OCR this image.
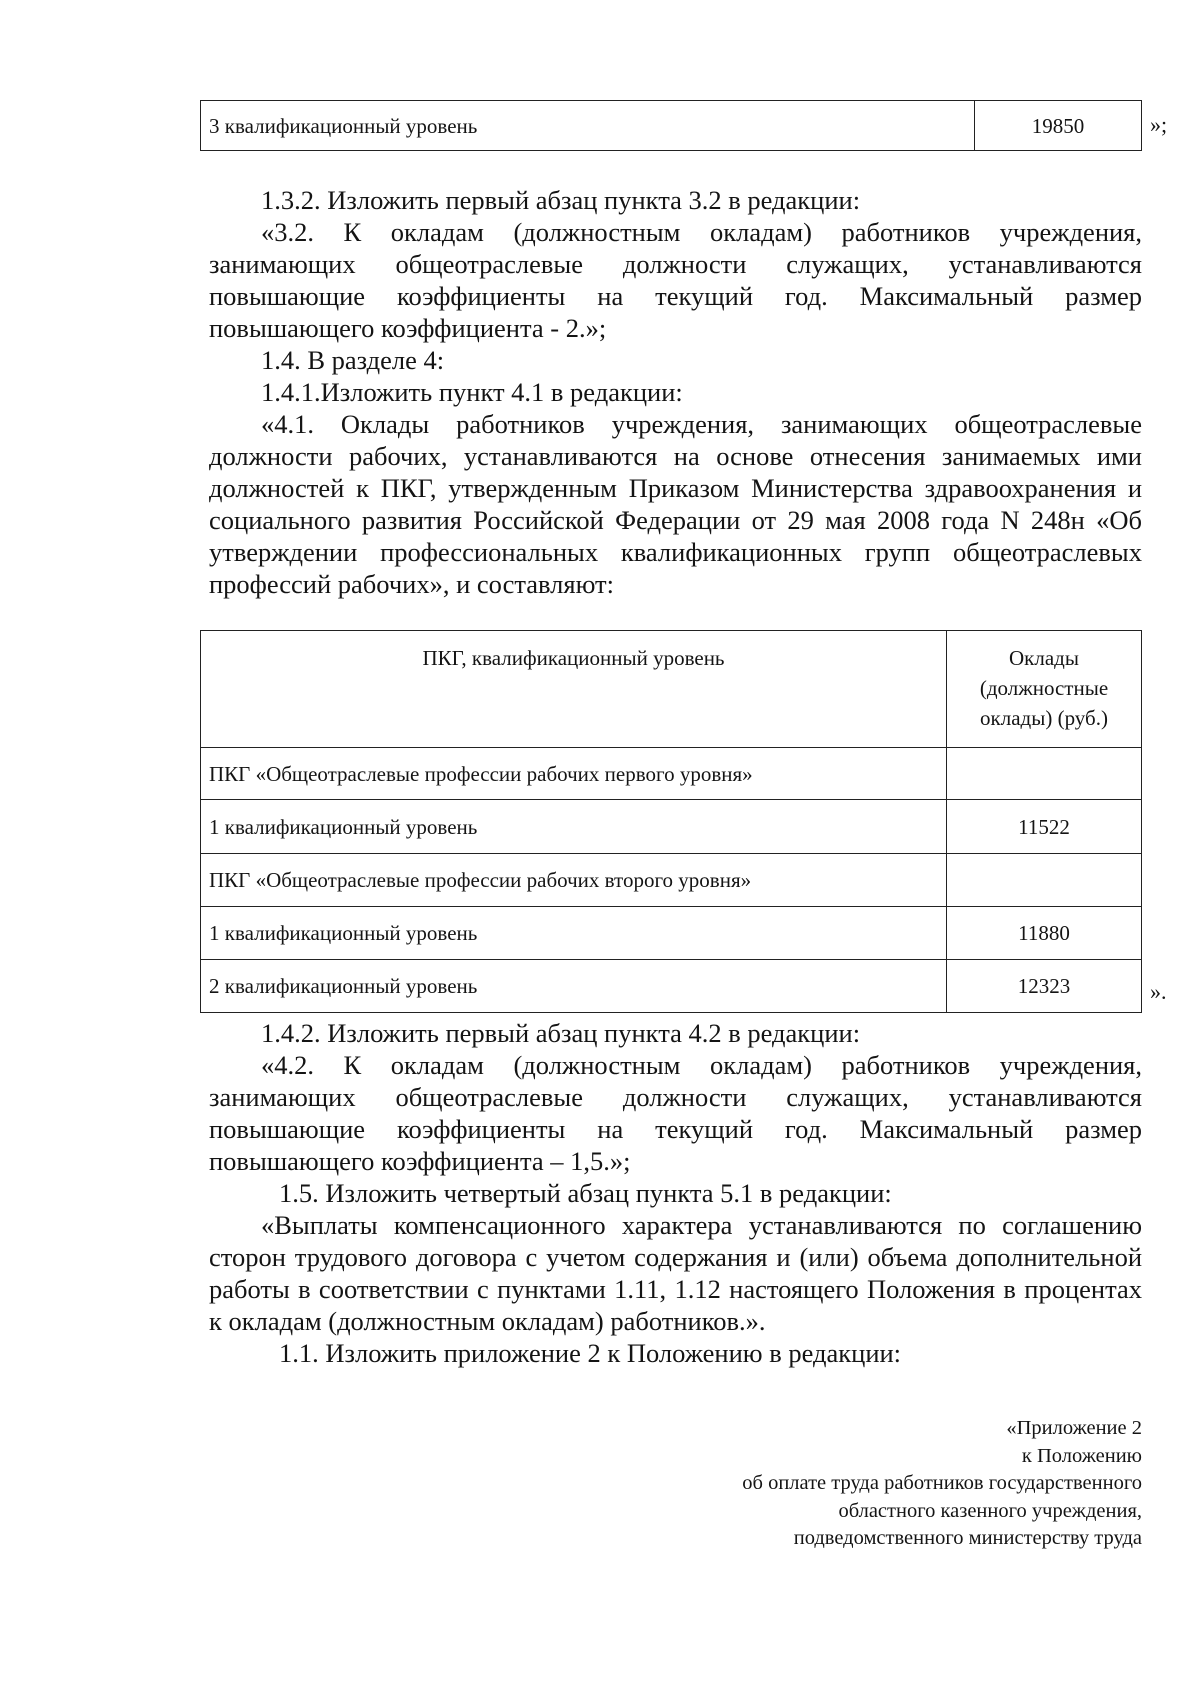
3 квалификационный уровень	19850	»;
1.3.2. Изложить первый абзац пункта 3.2 в редакции:
«3.2. К окладам (должностным окладам) работников учреждения, занимающих общеотраслевые должности служащих, устанавливаются повышающие коэффициенты на текущий год. Максимальный размер повышающего коэффициента - 2.»;
1.4. В разделе 4:
1.4.1.Изложить пункт 4.1 в редакции:
«4.1. Оклады работников учреждения, занимающих общеотраслевые должности рабочих, устанавливаются на основе отнесения занимаемых ими должностей к ПКГ, утвержденным Приказом Министерства здравоохранения и социального развития Российской Федерации от 29 мая 2008 года N 248н «Об утверждении профессиональных квалификационных групп общеотраслевых профессий рабочих», и составляют:
ПКГ, квалификационный уровень	Оклады (должностные оклады) (руб.)
ПКГ «Общеотраслевые профессии рабочих первого уровня»	
1 квалификационный уровень	11522
ПКГ «Общеотраслевые профессии рабочих второго уровня»	
1 квалификационный уровень	11880
2 квалификационный уровень	12323	».
1.4.2. Изложить первый абзац пункта 4.2 в редакции:
«4.2. К окладам (должностным окладам) работников учреждения, занимающих общеотраслевые должности служащих, устанавливаются повышающие коэффициенты на текущий год. Максимальный размер повышающего коэффициента – 1,5.»;
1.5. Изложить четвертый абзац пункта 5.1 в редакции:
«Выплаты компенсационного характера устанавливаются по соглашению сторон трудового договора с учетом содержания и (или) объема дополнительной работы в соответствии с пунктами 1.11, 1.12 настоящего Положения в процентах к окладам (должностным окладам) работников.».
1.1. Изложить приложение 2 к Положению в редакции:
«Приложение 2
к Положению
об оплате труда работников государственного
областного казенного учреждения,
подведомственного министерству труда
